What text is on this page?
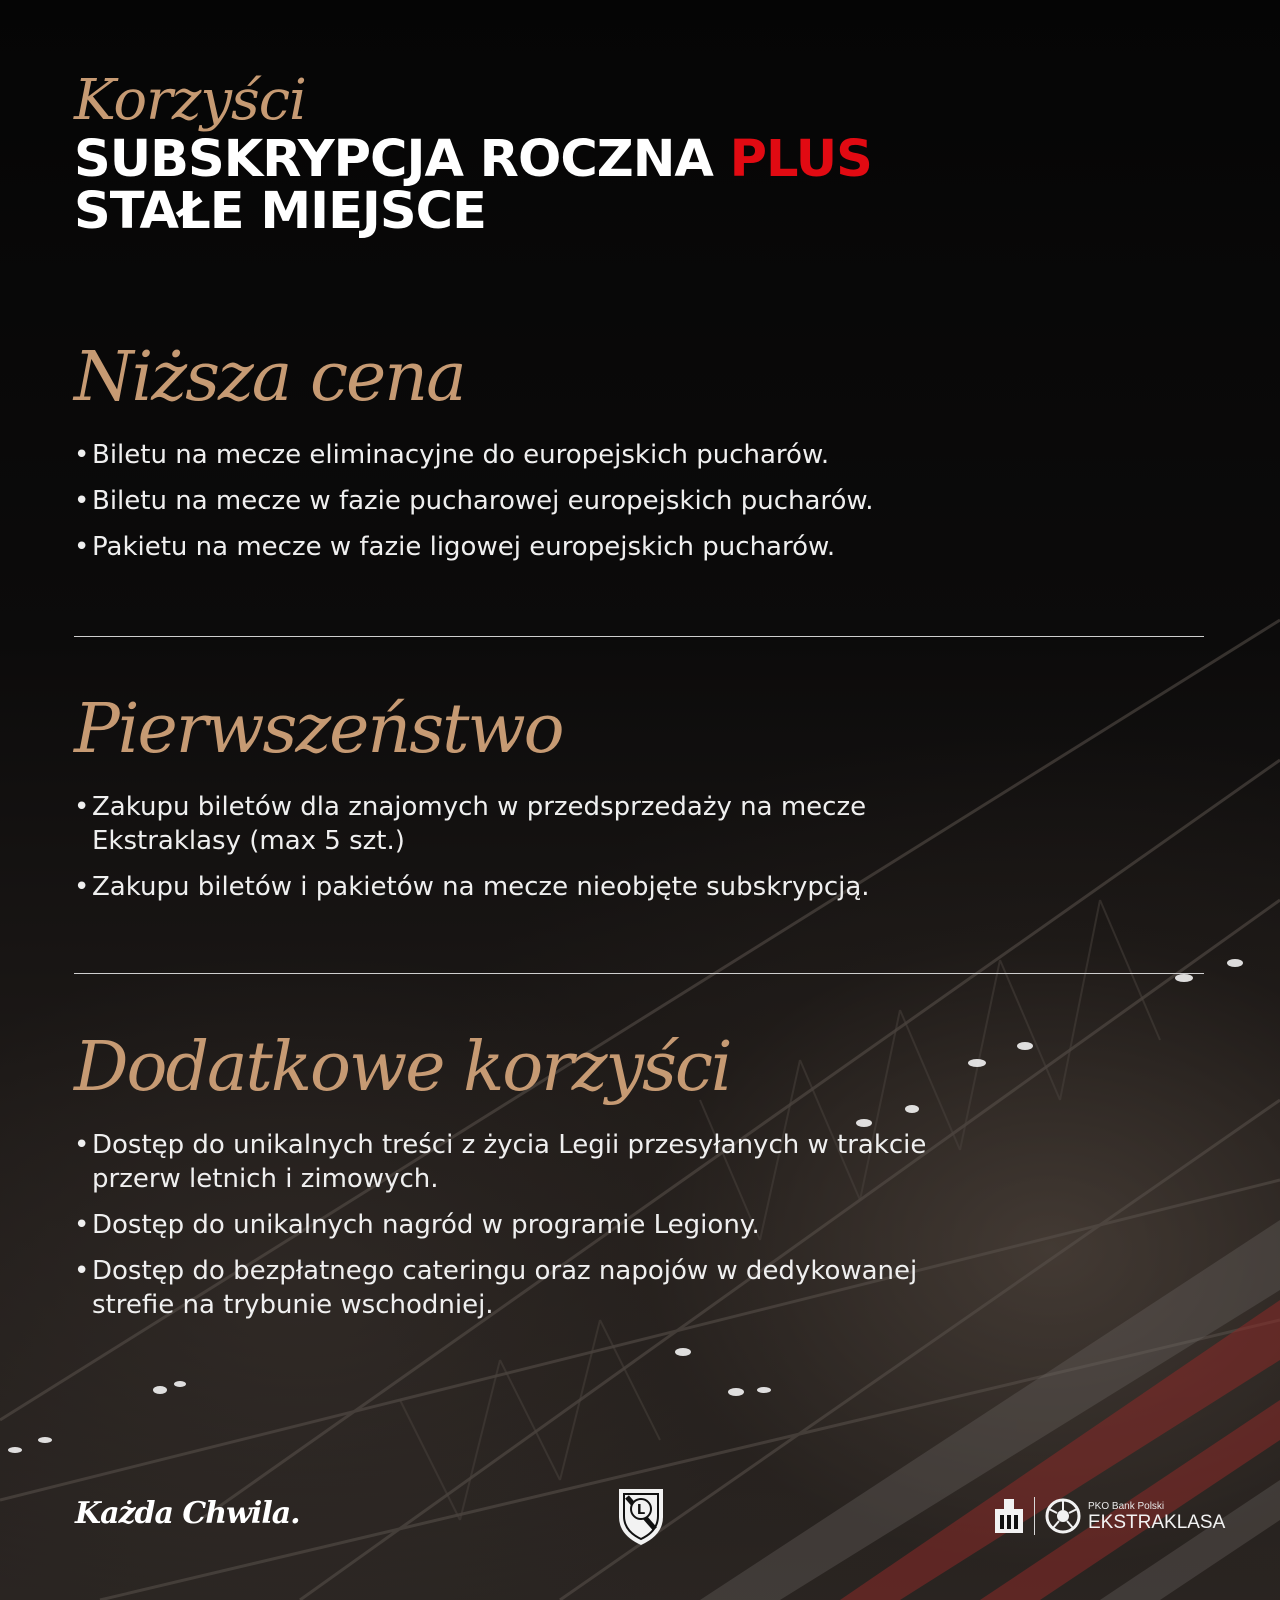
Korzyści
SUBSKRYPCJA ROCZNA PLUS
STAŁE MIEJSCE
Niższa cena
• Biletu na mecze eliminacyjne do europejskich pucharów.
• Biletu na mecze w fazie pucharowej europejskich pucharów.
• Pakietu na mecze w fazie ligowej europejskich pucharów.
Pierwszeństwo
• Zakupu biletów dla znajomych w przedsprzedaży na mecze Ekstraklasy (max 5 szt.)
• Zakupu biletów i pakietów na mecze nieobjęte subskrypcją.
Dodatkowe korzyści
• Dostęp do unikalnych treści z życia Legii przesyłanych w trakcie przerw letnich i zimowych.
• Dostęp do unikalnych nagród w programie Legiony.
• Dostęp do bezpłatnego cateringu oraz napojów w dedykowanej strefie na trybunie wschodniej.
Każda Chwila.	L	PKO Bank Polski
EKSTRAKLASA
